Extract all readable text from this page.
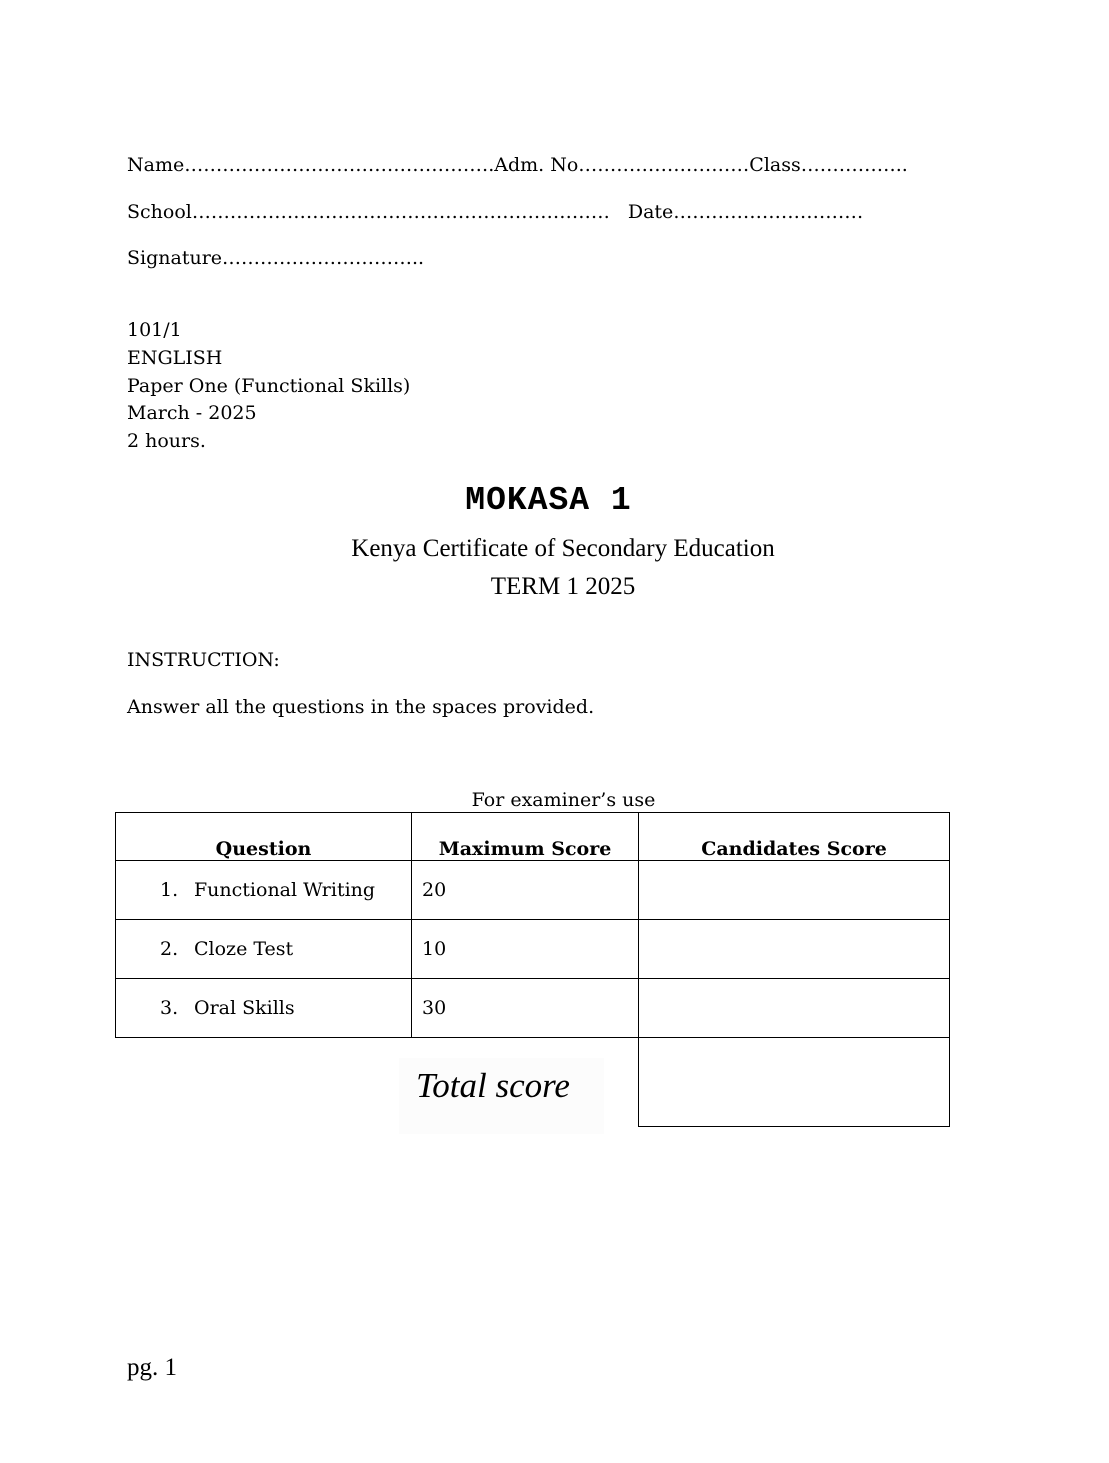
Name………………………………………….Adm. No………………………Class……………..
School………………………………………………………… Date…………………………
Signature…………………………..
101/1
ENGLISH
Paper One (Functional Skills)
March - 2025
2 hours.
MOKASA 1
Kenya Certificate of Secondary Education
TERM 1 2025
INSTRUCTION:
Answer all the questions in the spaces provided.
For examiner’s use
Question	Maximum Score	Candidates Score
1. Functional Writing	20	
2. Cloze Test	10	
3. Oral Skills	30	
Total score
pg. 1
